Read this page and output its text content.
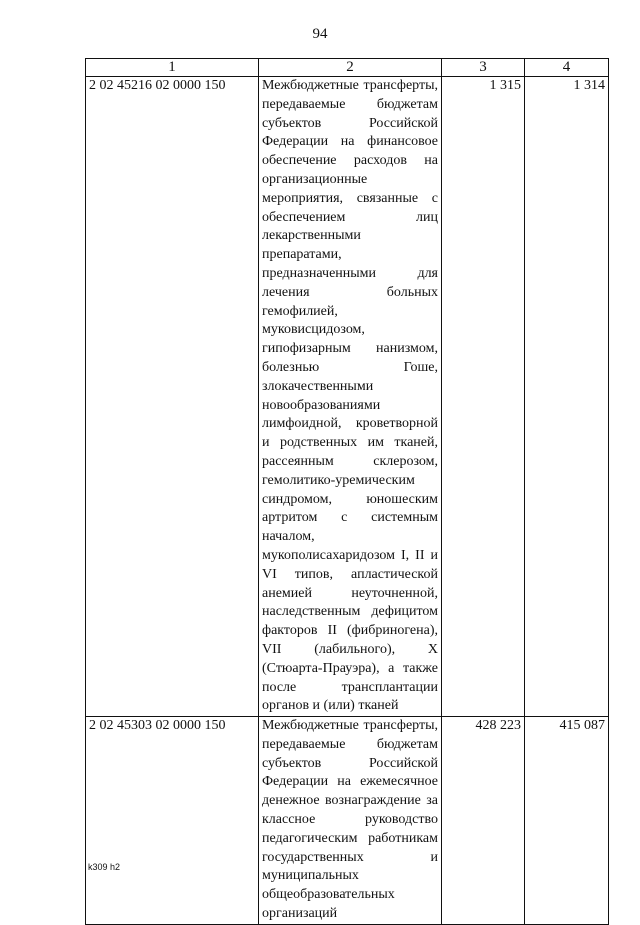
94
1	2	3	4
2 02 45216 02 0000 150	Межбюджетные трансферты, передаваемые бюджетам субъектов Российской Федерации на финансовое обеспечение расходов на организационные мероприятия, связанные с обеспечением лиц лекарственными препаратами, предназначенными для лечения больных гемофилией, муковисцидозом, гипофизарным нанизмом, болезнью Гоше, злокачественными новообразованиями лимфоидной, кроветворной и родственных им тканей, рассеянным склерозом, гемолитико-уремическим синдромом, юношеским артритом с системным началом, мукополисахаридозом I, II и VI типов, апластической анемией неуточненной, наследственным дефицитом факторов II (фибриногена), VII (лабильного), X (Стюарта-Прауэра), а также после трансплантации органов и (или) тканей	1 315	1 314
2 02 45303 02 0000 150	Межбюджетные трансферты, передаваемые бюджетам субъектов Российской Федерации на ежемесячное денежное вознаграждение за классное руководство педагогическим работникам государственных и муниципальных общеобразовательных организаций	428 223	415 087
k309 h2
